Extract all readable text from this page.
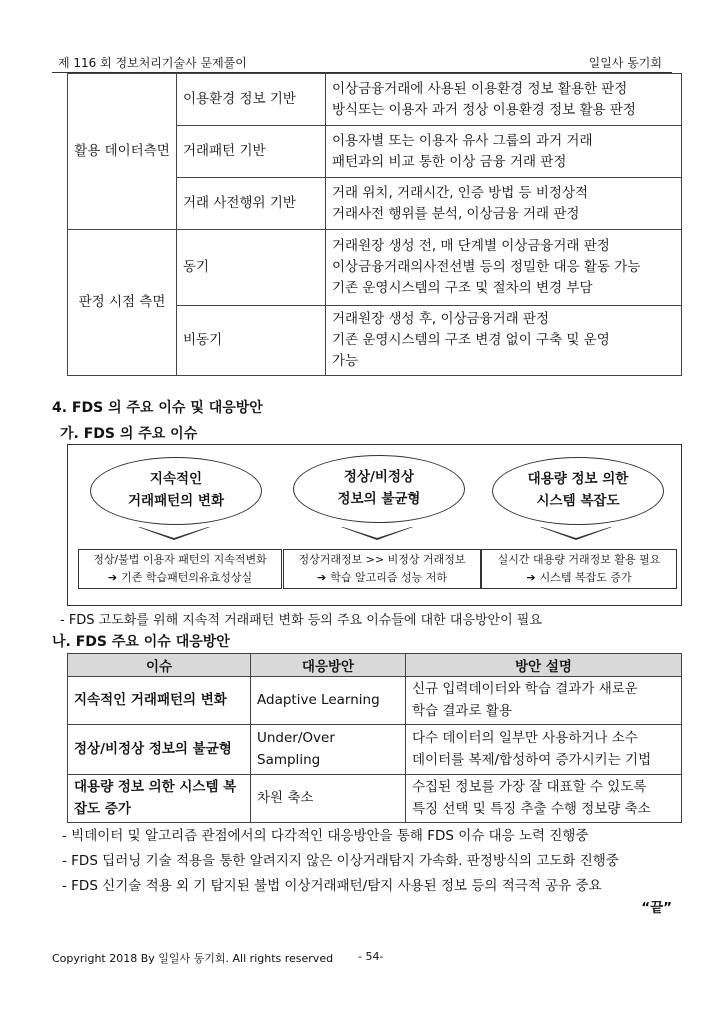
제 116 회 정보처리기술사 문제풀이	일일사 동기회
활용 데이터측면	이용환경 정보 기반	이상금융거래에 사용된 이용환경 정보 활용한 판정
방식또는 이용자 과거 정상 이용환경 정보 활용 판정

	거래패턴 기반	이용자별 또는 이용자 유사 그룹의 과거 거래
패턴과의 비교 통한 이상 금융 거래 판정

	거래 사전행위 기반	거래 위치, 거래시간, 인증 방법 등 비정상적
거래사전 행위를 분석, 이상금융 거래 판정

판정 시점 측면	동기	거래원장 생성 전, 매 단계별 이상금융거래 판정
이상금융거래의사전선별 등의 정밀한 대응 활동 가능
기존 운영시스템의 구조 및 절차의 변경 부담

	비동기	거래원장 생성 후, 이상금융거래 판정
기존 운영시스템의 구조 변경 없이 구축 및 운영
가능
4. FDS 의 주요 이슈 및 대응방안
가. FDS 의 주요 이슈
지속적인
거래패턴의 변화
정상/비정상
정보의 불균형
대용량 정보 의한
시스템 복잡도
정상/불법 이용자 패턴의 지속적변화
➔ 기존 학습패턴의유효성상실
정상거래정보 >> 비정상 거래정보
➔ 학습 알고리즘 성능 저하
실시간 대용량 거래정보 활용 필요
➔ 시스템 복잡도 증가
- FDS 고도화를 위해 지속적 거래패턴 변화 등의 주요 이슈들에 대한 대응방안이 필요
나. FDS 주요 이슈 대응방안
이슈	대응방안	방안 설명
지속적인 거래패턴의 변화	Adaptive Learning	신규 입력데이터와 학습 결과가 새로운
학습 결과로 활용

정상/비정상 정보의 불균형	Under/Over Sampling	다수 데이터의 일부만 사용하거나 소수
데이터를 복제/합성하여 증가시키는 기법

대용량 정보 의한 시스템 복잡도 증가	차원 축소	수집된 정보를 가장 잘 대표할 수 있도록
특징 선택 및 특징 추출 수행 정보량 축소
- 빅데이터 및 알고리즘 관점에서의 다각적인 대응방안을 통해 FDS 이슈 대응 노력 진행중
- FDS 딥러닝 기술 적용을 통한 알려지지 않은 이상거래탐지 가속화. 판정방식의 고도화 진행중
- FDS 신기술 적용 외 기 탐지된 불법 이상거래패턴/탐지 사용된 정보 등의 적극적 공유 중요
“끝”
Copyright 2018 By 일일사 동기회. All rights reserved - 54-
